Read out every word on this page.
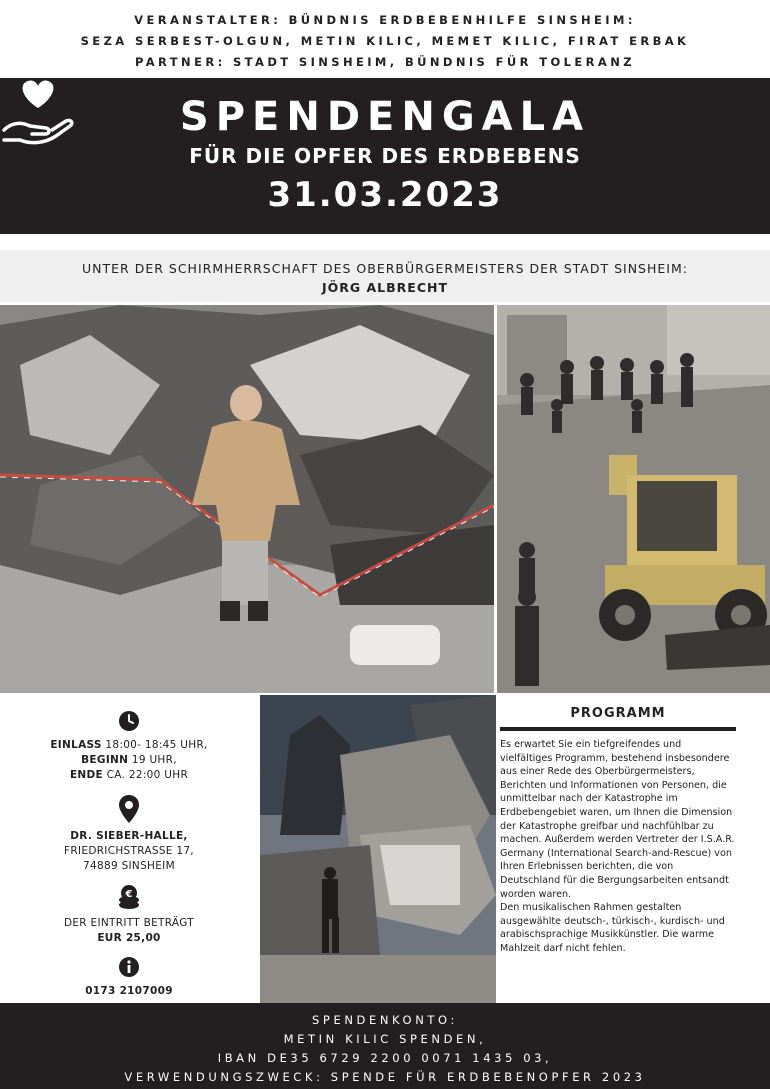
VERANSTALTER: BÜNDNIS ERDBEBENHILFE SINSHEIM:
SEZA SERBEST-OLGUN, METIN KILIC, MEMET KILIC, FIRAT ERBAK
PARTNER: STADT SINSHEIM, BÜNDNIS FÜR TOLERANZ
SPENDENGALA
FÜR DIE OPFER DES ERDBEBENS
31.03.2023
UNTER DER SCHIRMHERRSCHAFT DES OBERBÜRGERMEISTERS DER STADT SINSHEIM:
JÖRG ALBRECHT
EINLASS 18:00- 18:45 UHR,
BEGINN 19 UHR,
ENDE CA. 22:00 UHR
DR. SIEBER-HALLE,
FRIEDRICHSTRASSE 17,
74889 SINSHEIM
€
DER EINTRITT BETRÄGT
EUR 25,00
0173 2107009
PROGRAMM

Es erwartet Sie ein tiefgreifendes und vielfältiges Programm, bestehend insbesondere aus einer Rede des Oberbürgermeisters, Berichten und Informationen von Personen, die unmittelbar nach der Katastrophe im Erdbebengebiet waren, um Ihnen die Dimension der Katastrophe greifbar und nachfühlbar zu machen. Außerdem werden Vertreter der I.S.A.R. Germany (International Search-and-Rescue) von Ihren Erlebnissen berichten, die von Deutschland für die Bergungsarbeiten entsandt worden waren.

Den musikalischen Rahmen gestalten ausgewählte deutsch-, türkisch-, kurdisch- und arabischsprachige Musikkünstler. Die warme Mahlzeit darf nicht fehlen.

SPENDENKONTO:
METIN KILIC SPENDEN,
IBAN DE35 6729 2200 0071 1435 03,
VERWENDUNGSZWECK: SPENDE FÜR ERDBEBENOPFER 2023
